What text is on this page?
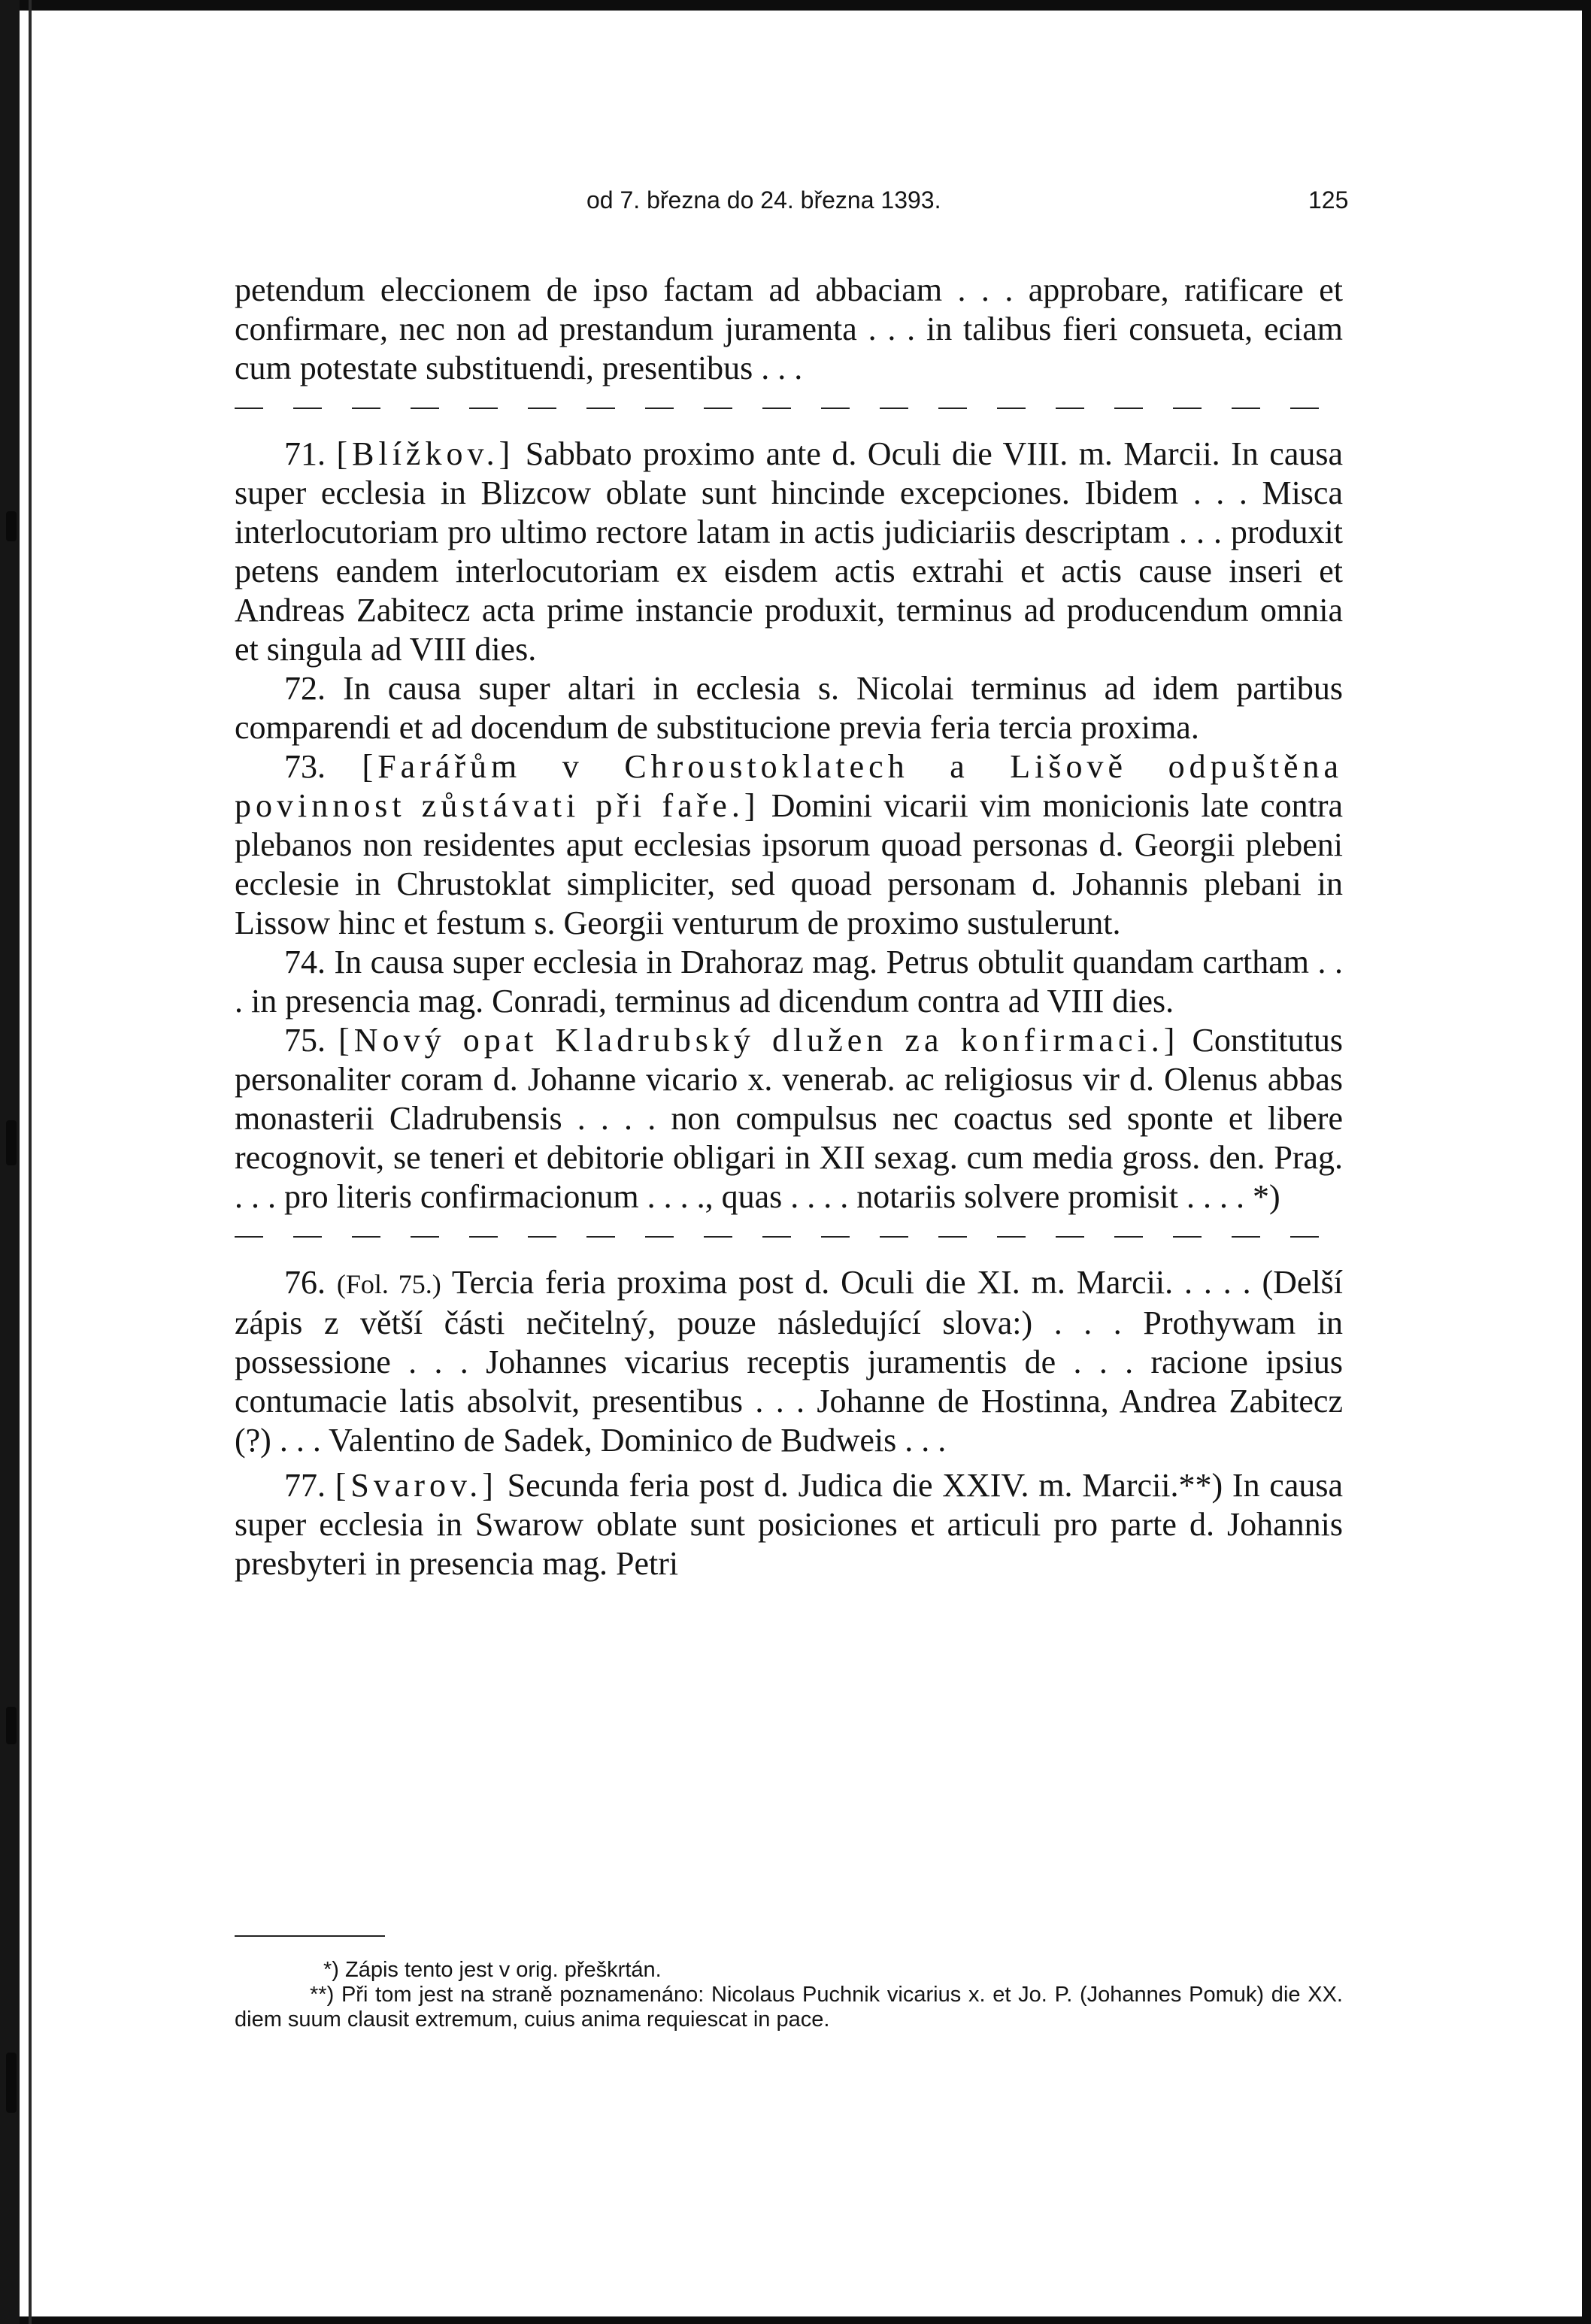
od 7. března do 24. března 1393.	125

petendum eleccionem de ipso factam ad abbaciam . . . approbare, ratificare et confirmare, nec non ad prestandum juramenta . . . in talibus fieri consueta, eciam cum potestate substituendi, presentibus . . .

71. [Blížkov.] Sabbato proximo ante d. Oculi die VIII. m. Marcii. In causa super ecclesia in Blizcow oblate sunt hincinde excepciones. Ibidem . . . Misca interlocutoriam pro ultimo rectore latam in actis judiciariis descriptam . . . produxit petens eandem interlocutoriam ex eisdem actis extrahi et actis cause inseri et Andreas Zabitecz acta prime instancie produxit, terminus ad producendum omnia et singula ad VIII dies.

72. In causa super altari in ecclesia s. Nicolai terminus ad idem partibus comparendi et ad docendum de substitucione previa feria tercia proxima.

73. [Farářům v Chroustoklatech a Lišově odpuštěna povinnost zůstávati při faře.] Domini vicarii vim monicionis late contra plebanos non residentes aput ecclesias ipsorum quoad personas d. Georgii plebeni ecclesie in Chrustoklat simpliciter, sed quoad personam d. Johannis plebani in Lissow hinc et festum s. Georgii venturum de proximo sustulerunt.

74. In causa super ecclesia in Drahoraz mag. Petrus obtulit quandam cartham . . . in presencia mag. Conradi, terminus ad dicendum contra ad VIII dies.

75. [Nový opat Kladrubský dlužen za konfirmaci.] Constitutus personaliter coram d. Johanne vicario x. venerab. ac religiosus vir d. Olenus abbas monasterii Cladrubensis . . . . non compulsus nec coactus sed sponte et libere recognovit, se teneri et debitorie obligari in XII sexag. cum media gross. den. Prag. . . . pro literis confirmacionum . . . ., quas . . . . notariis solvere promisit . . . . *)

76. (Fol. 75.) Tercia feria proxima post d. Oculi die XI. m. Marcii. . . . . (Delší zápis z větší části nečitelný, pouze následující slova:) . . . Prothywam in possessione . . . Johannes vicarius receptis juramentis de . . . racione ipsius contumacie latis absolvit, presentibus . . . Johanne de Hostinna, Andrea Zabitecz (?) . . . Valentino de Sadek, Dominico de Budweis . . .

77. [Svarov.] Secunda feria post d. Judica die XXIV. m. Marcii.**) In causa super ecclesia in Swarow oblate sunt posiciones et articuli pro parte d. Johannis presbyteri in presencia mag. Petri

*) Zápis tento jest v orig. přeškrtán.

**) Při tom jest na straně poznamenáno: Nicolaus Puchnik vicarius x. et Jo. P. (Johannes Pomuk) die XX. diem suum clausit extremum, cuius anima requiescat in pace.
